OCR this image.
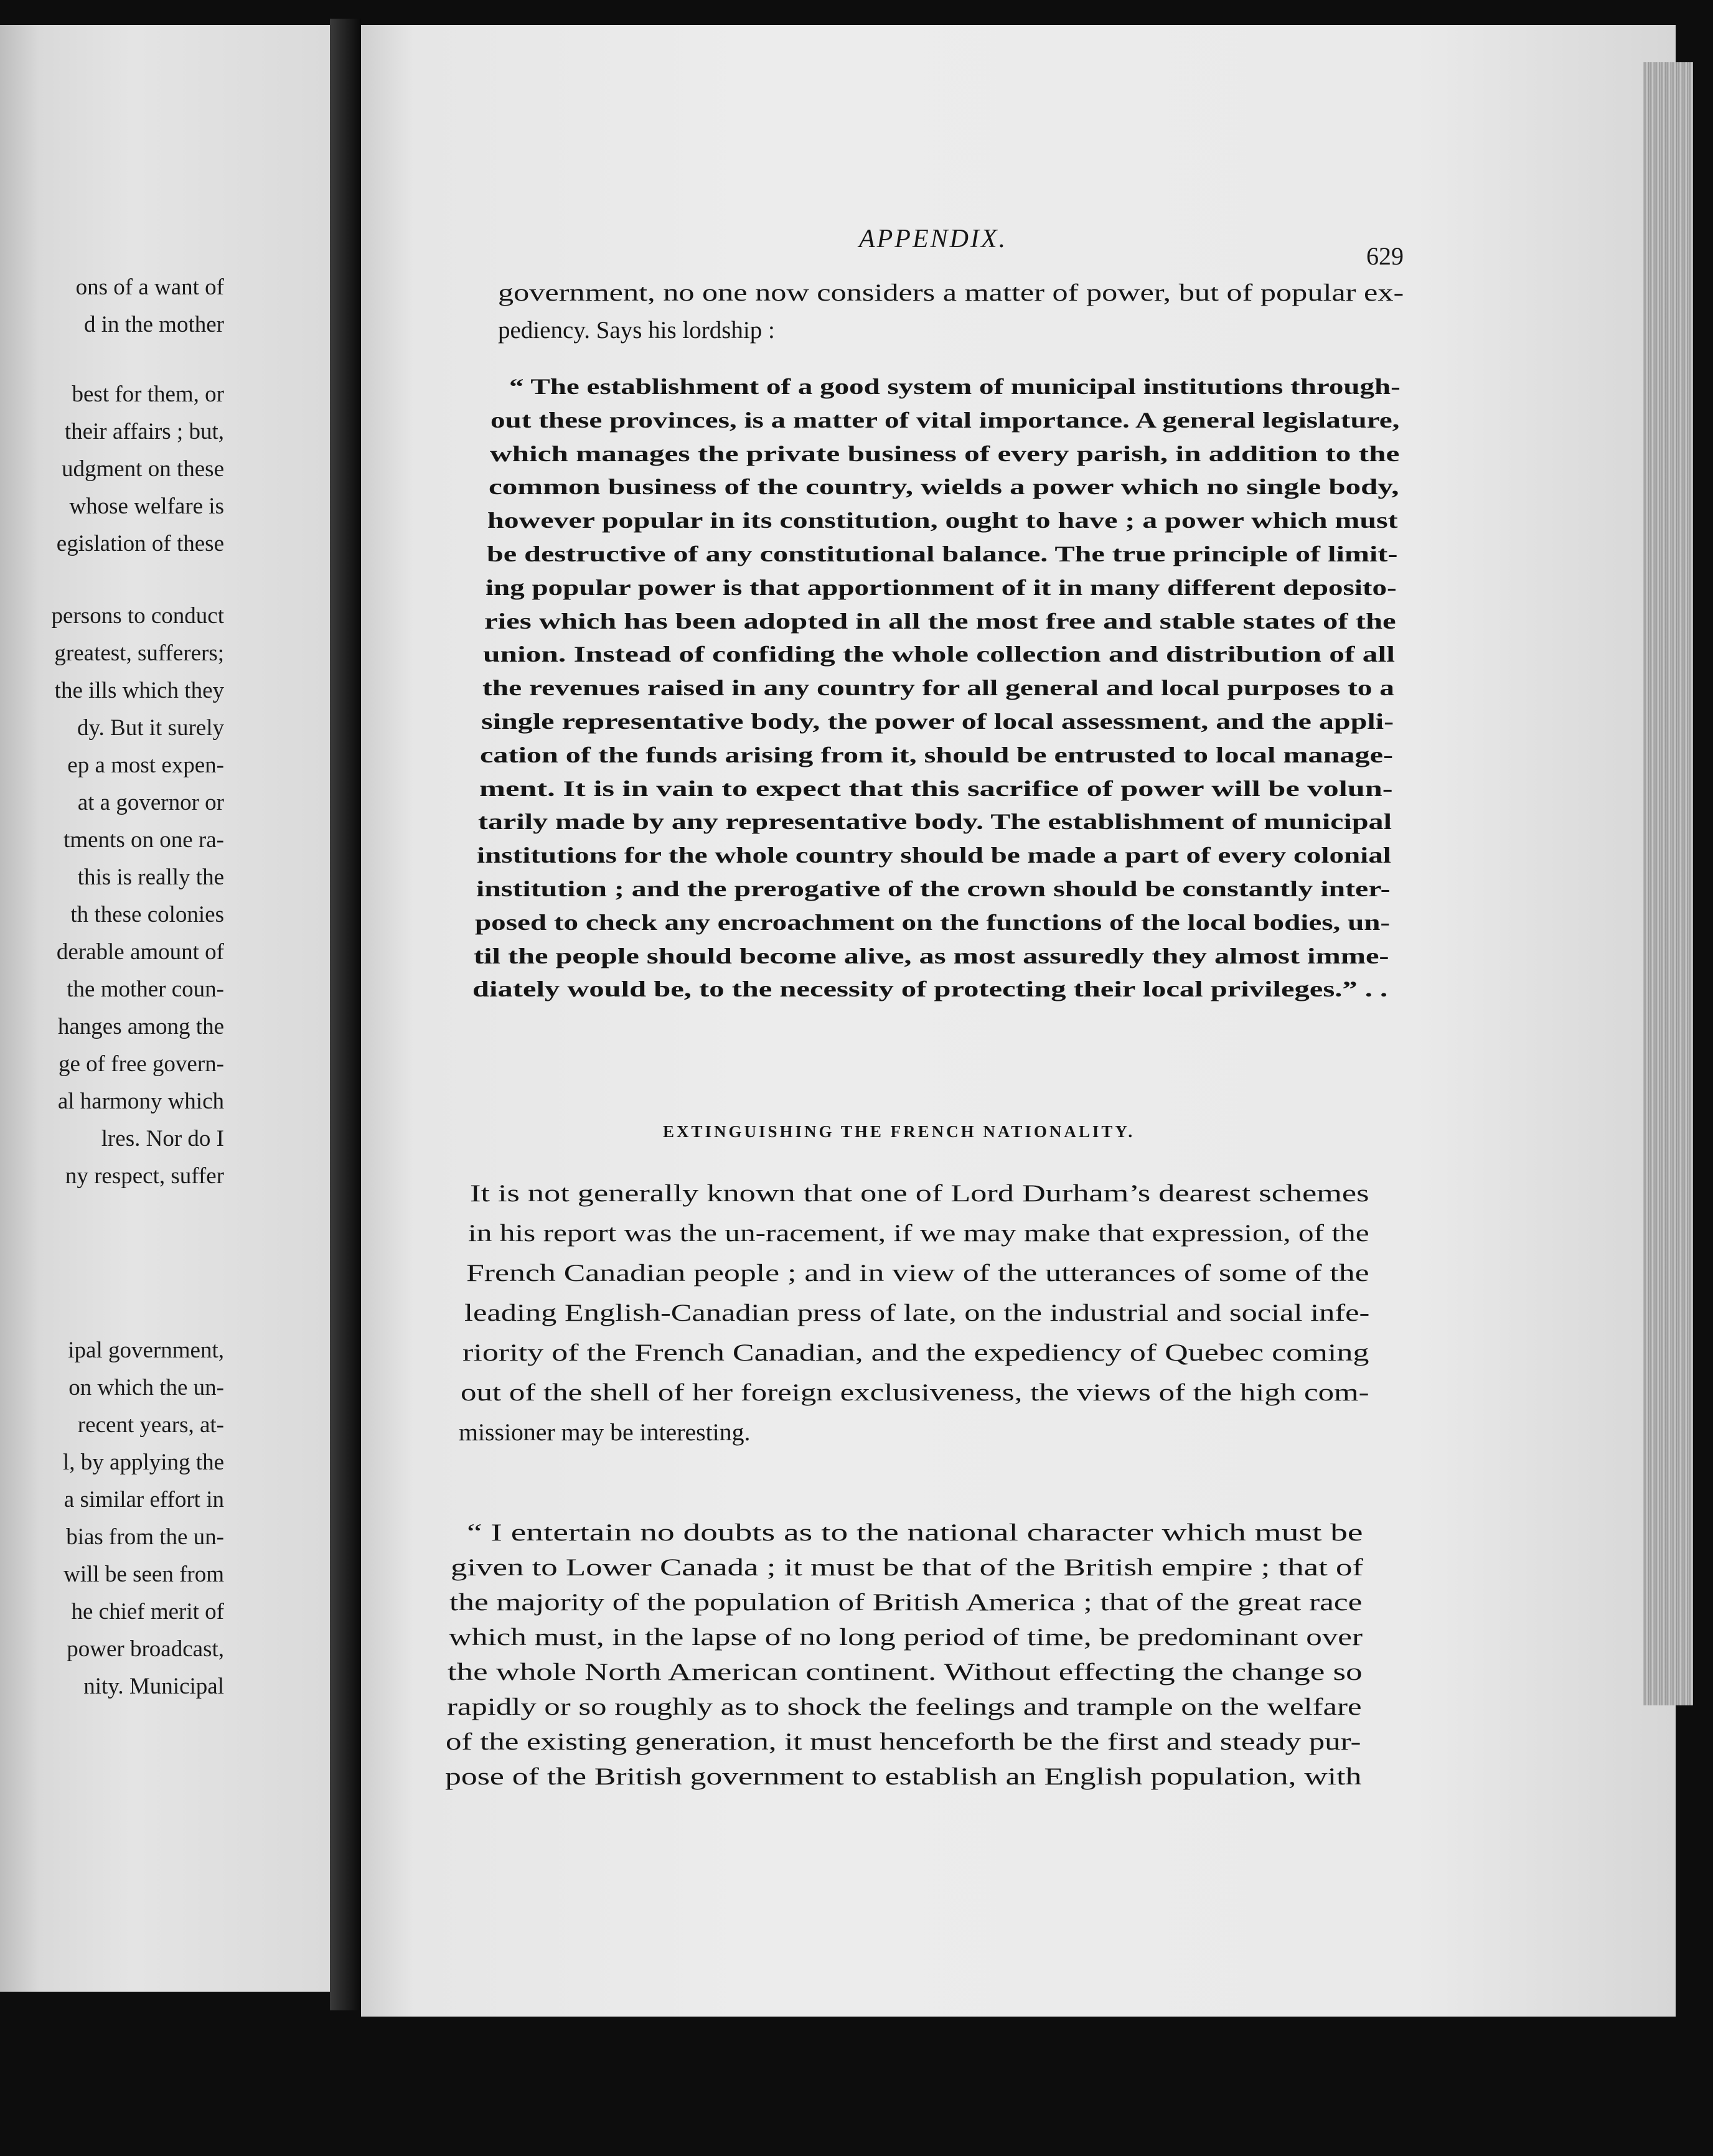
ons of a want of
d in the mother
best for them, or
their affairs ; but,
udgment on these
whose welfare is
egislation of these
persons to conduct
greatest, sufferers;
the ills which they
dy. But it surely
ep a most expen-
at a governor or
tments on one ra-
this is really the
th these colonies
derable amount of
the mother coun-
hanges among the
ge of free govern-
al harmony which
lres. Nor do I
ny respect, suffer
ipal government,
on which the un-
recent years, at-
l, by applying the
a similar effort in
bias from the un-
will be seen from
he chief merit of
power broadcast,
nity. Municipal
APPENDIX.
629
government, no one now considers a matter of power, but of popular ex-
pediency. Says his lordship :
“ The establishment of a good system of municipal institutions through-
out these provinces, is a matter of vital importance. A general legislature,
which manages the private business of every parish, in addition to the
common business of the country, wields a power which no single body,
however popular in its constitution, ought to have ; a power which must
be destructive of any constitutional balance. The true principle of limit-
ing popular power is that apportionment of it in many different deposito-
ries which has been adopted in all the most free and stable states of the
union. Instead of confiding the whole collection and distribution of all
the revenues raised in any country for all general and local purposes to a
single representative body, the power of local assessment, and the appli-
cation of the funds arising from it, should be entrusted to local manage-
ment. It is in vain to expect that this sacrifice of power will be volun-
tarily made by any representative body. The establishment of municipal
institutions for the whole country should be made a part of every colonial
institution ; and the prerogative of the crown should be constantly inter-
posed to check any encroachment on the functions of the local bodies, un-
til the people should become alive, as most assuredly they almost imme-
diately would be, to the necessity of protecting their local privileges.” . .
EXTINGUISHING THE FRENCH NATIONALITY.
It is not generally known that one of Lord Durham’s dearest schemes
in his report was the un-racement, if we may make that expression, of the
French Canadian people ; and in view of the utterances of some of the
leading English-Canadian press of late, on the industrial and social infe-
riority of the French Canadian, and the expediency of Quebec coming
out of the shell of her foreign exclusiveness, the views of the high com-
missioner may be interesting.
“ I entertain no doubts as to the national character which must be
given to Lower Canada ; it must be that of the British empire ; that of
the majority of the population of British America ; that of the great race
which must, in the lapse of no long period of time, be predominant over
the whole North American continent. Without effecting the change so
rapidly or so roughly as to shock the feelings and trample on the welfare
of the existing generation, it must henceforth be the first and steady pur-
pose of the British government to establish an English population, with
